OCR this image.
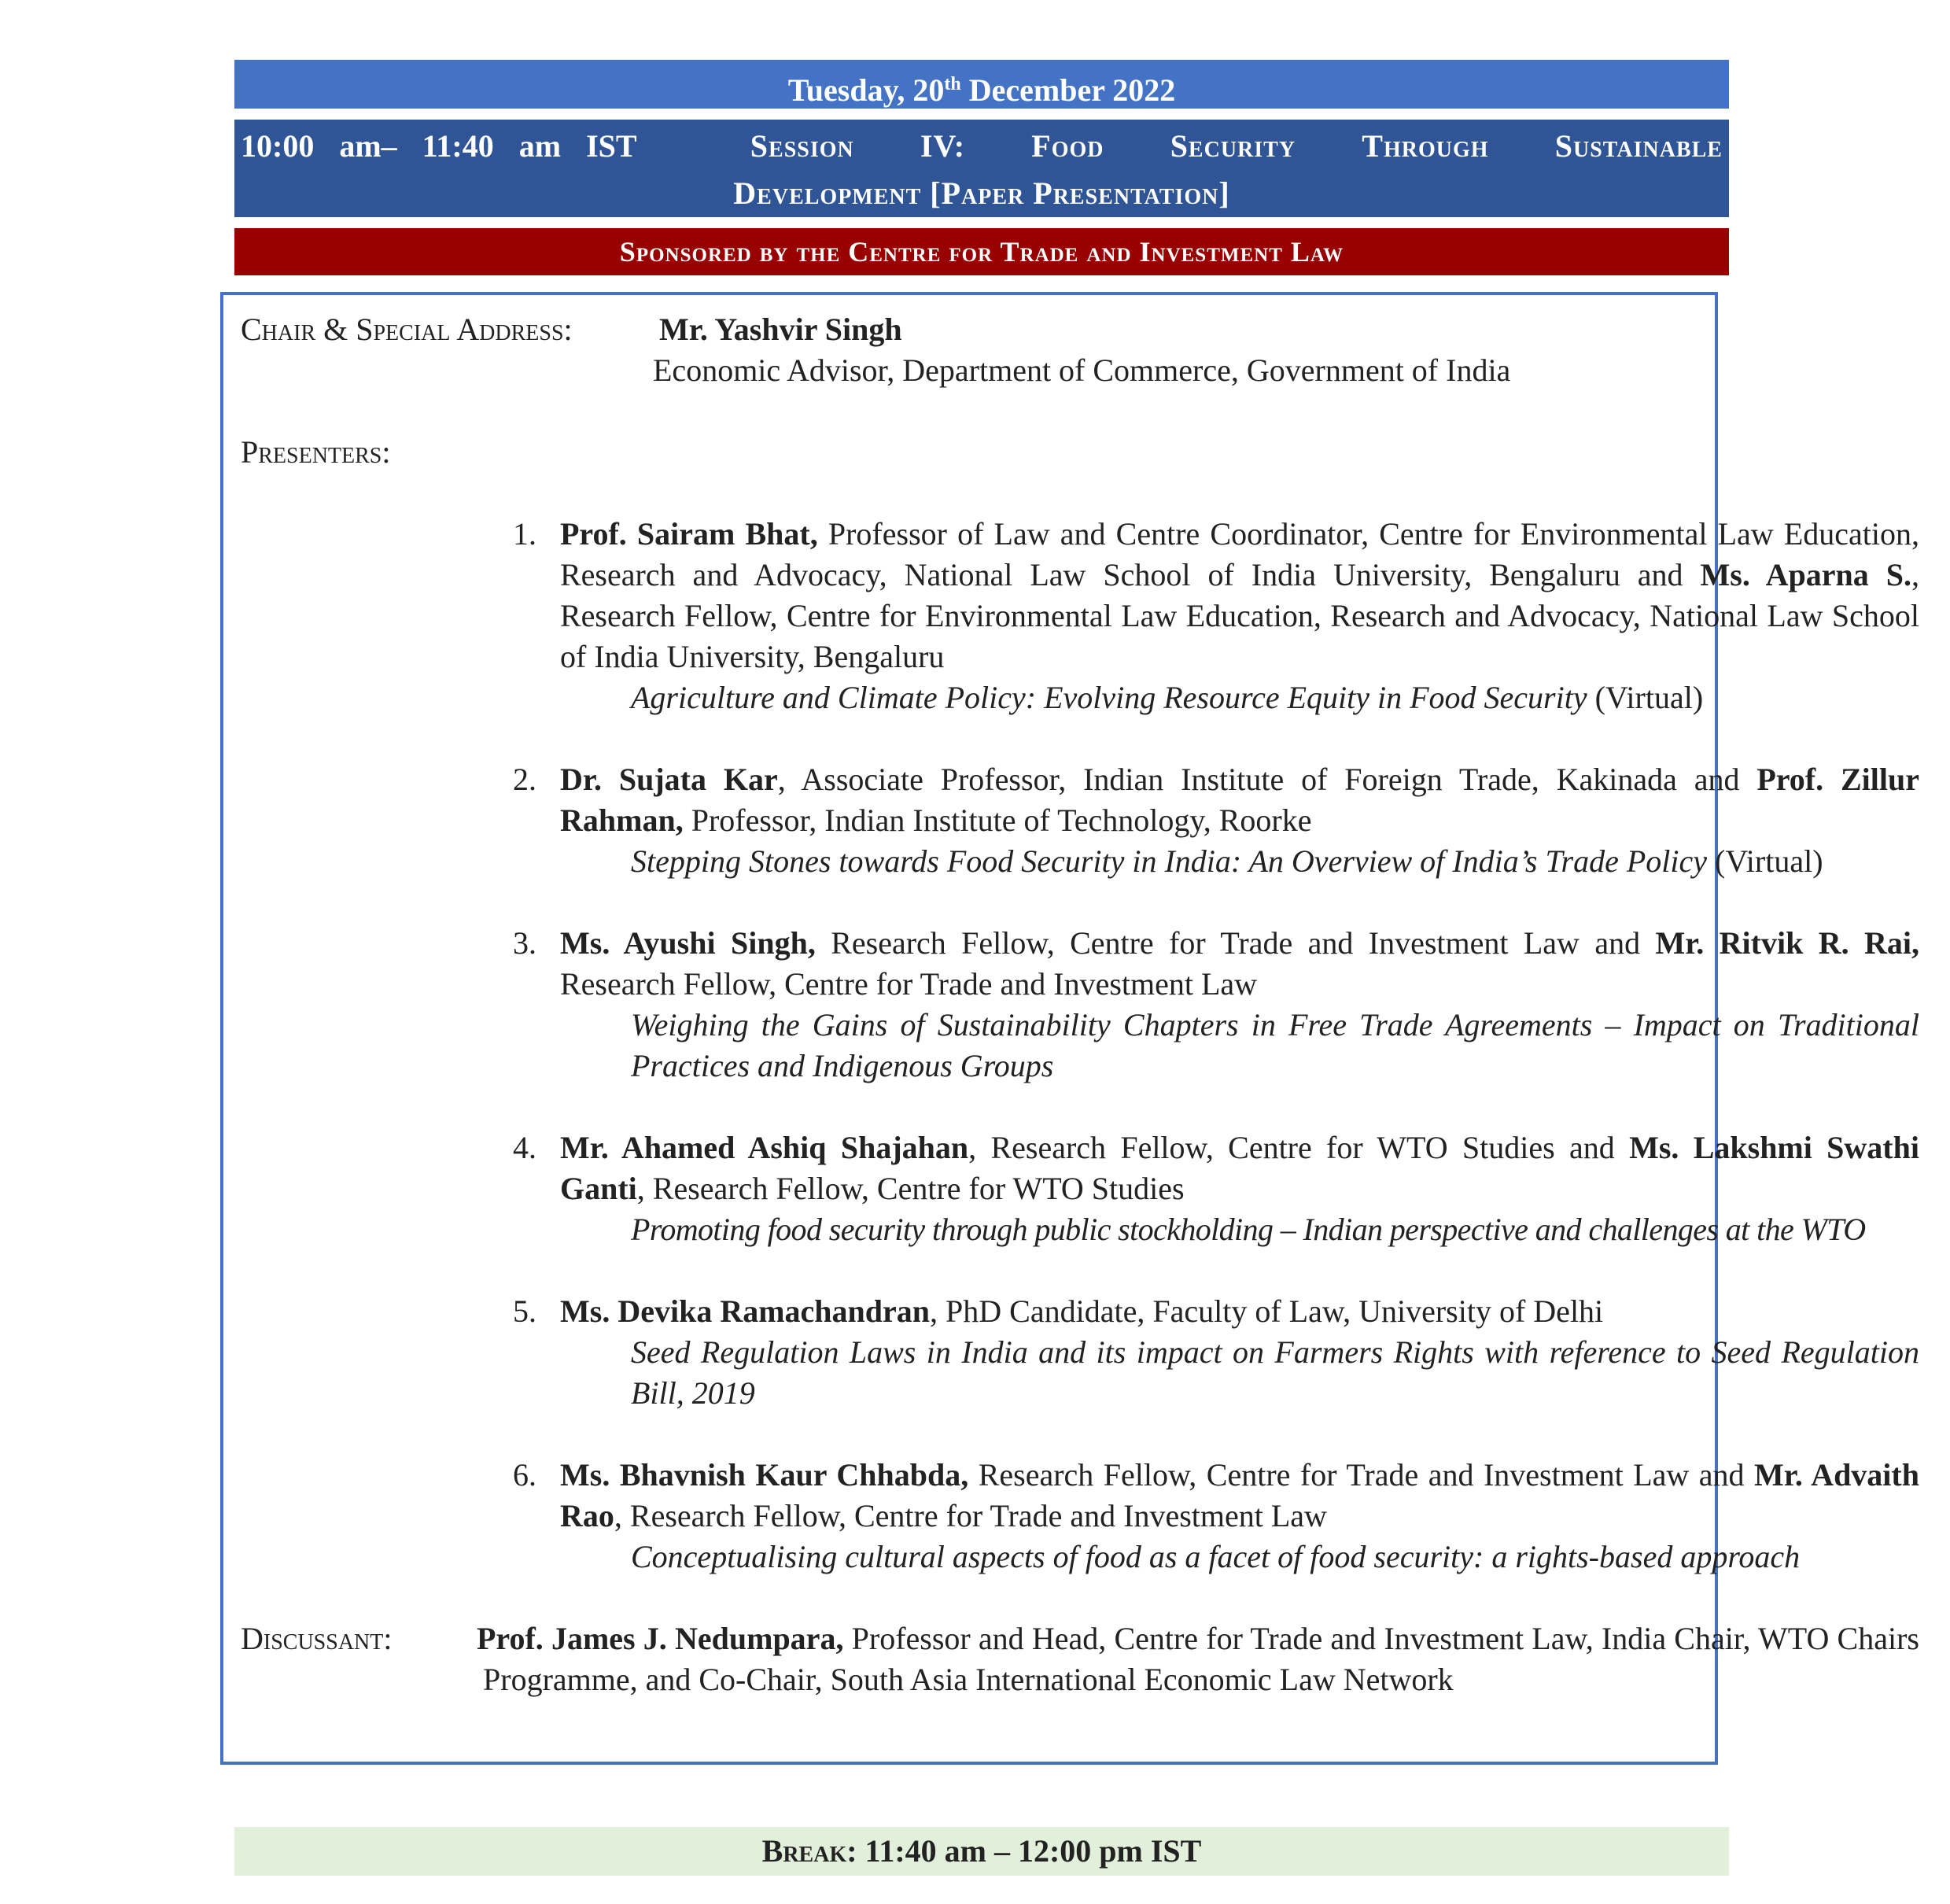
Tuesday, 20th December 2022
10:00 am– 11:40 am IST	Session IV: Food Security Through Sustainable
Development [Paper Presentation]
Sponsored by the Centre for Trade and Investment Law
Chair & Special Address:	Mr. Yashvir Singh
Economic Advisor, Department of Commerce, Government of India
Presenters:
1. Prof. Sairam Bhat, Professor of Law and Centre Coordinator, Centre for Environmental Law Education, Research and Advocacy, National Law School of India University, Bengaluru and Ms. Aparna S., Research Fellow, Centre for Environmental Law Education, Research and Advocacy, National Law School of India University, Bengaluru
Agriculture and Climate Policy: Evolving Resource Equity in Food Security (Virtual)
2. Dr. Sujata Kar, Associate Professor, Indian Institute of Foreign Trade, Kakinada and Prof. Zillur Rahman, Professor, Indian Institute of Technology, Roorke
Stepping Stones towards Food Security in India: An Overview of India’s Trade Policy (Virtual)
3. Ms. Ayushi Singh, Research Fellow, Centre for Trade and Investment Law and Mr. Ritvik R. Rai, Research Fellow, Centre for Trade and Investment Law
Weighing the Gains of Sustainability Chapters in Free Trade Agreements – Impact on Traditional Practices and Indigenous Groups
4. Mr. Ahamed Ashiq Shajahan, Research Fellow, Centre for WTO Studies and Ms. Lakshmi Swathi Ganti, Research Fellow, Centre for WTO Studies
Promoting food security through public stockholding – Indian perspective and challenges at the WTO
5. Ms. Devika Ramachandran, PhD Candidate, Faculty of Law, University of Delhi
Seed Regulation Laws in India and its impact on Farmers Rights with reference to Seed Regulation Bill, 2019
6. Ms. Bhavnish Kaur Chhabda, Research Fellow, Centre for Trade and Investment Law and Mr. Advaith Rao, Research Fellow, Centre for Trade and Investment Law
Conceptualising cultural aspects of food as a facet of food security: a rights-based approach
Discussant:	Prof. James J. Nedumpara, Professor and Head, Centre for Trade and Investment Law, India Chair, WTO Chairs Programme, and Co-Chair, South Asia International Economic Law Network
Break: 11:40 am – 12:00 pm IST
